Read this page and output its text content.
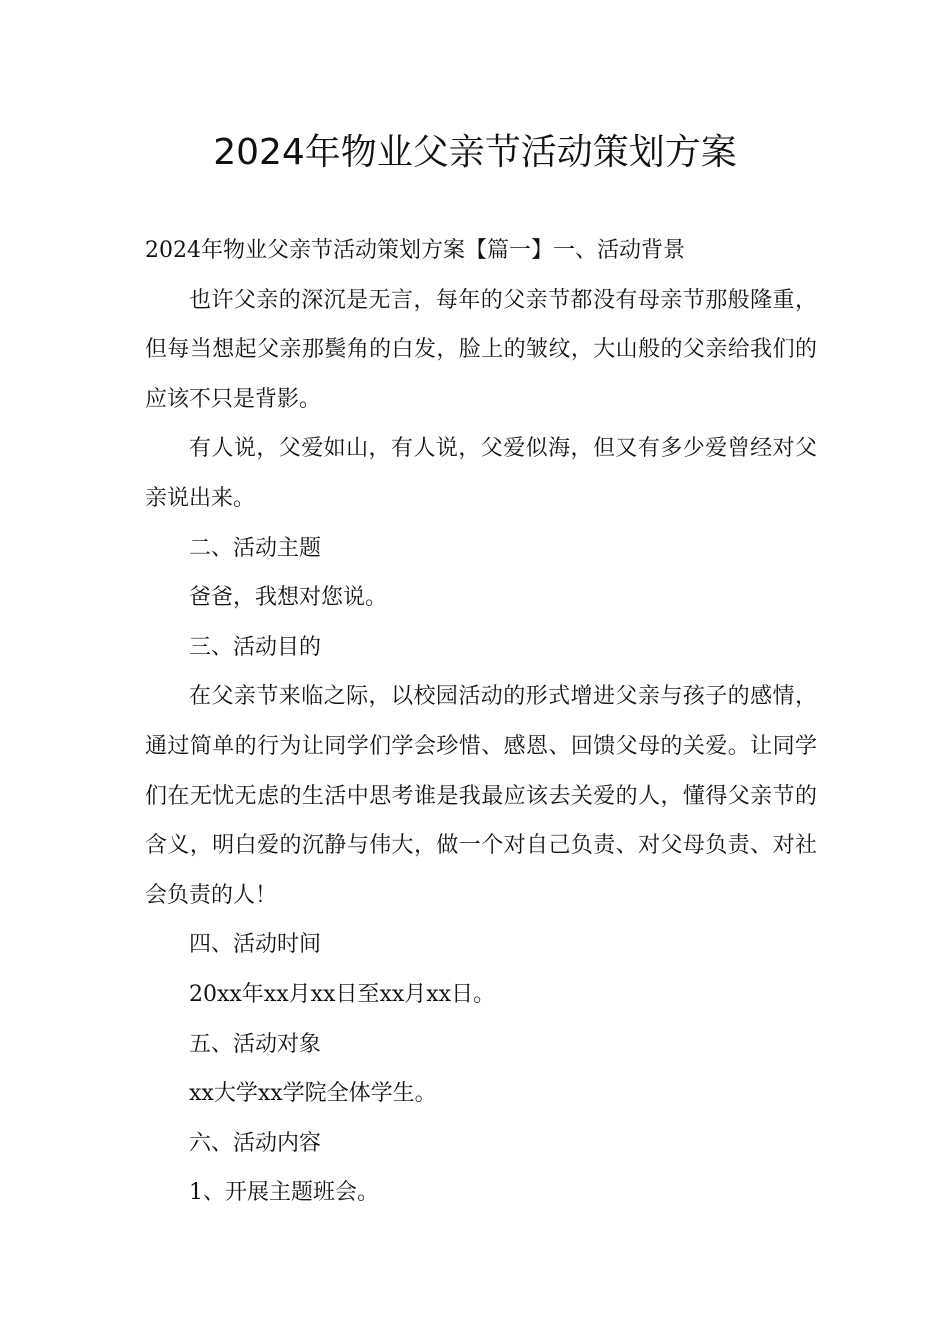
2024年物业父亲节活动策划方案

2024年物业父亲节活动策划方案【篇一】一、活动背景

也许父亲的深沉是无言，每年的父亲节都没有母亲节那般隆重，但每当想起父亲那鬓角的白发，脸上的皱纹，大山般的父亲给我们的应该不只是背影。

有人说，父爱如山，有人说，父爱似海，但又有多少爱曾经对父亲说出来。

二、活动主题

爸爸，我想对您说。

三、活动目的

在父亲节来临之际，以校园活动的形式增进父亲与孩子的感情，通过简单的行为让同学们学会珍惜、感恩、回馈父母的关爱。让同学们在无忧无虑的生活中思考谁是我最应该去关爱的人，懂得父亲节的含义，明白爱的沉静与伟大，做一个对自己负责、对父母负责、对社会负责的人！

四、活动时间

20xx年xx月xx日至xx月xx日。

五、活动对象

xx大学xx学院全体学生。

六、活动内容

1、开展主题班会。
